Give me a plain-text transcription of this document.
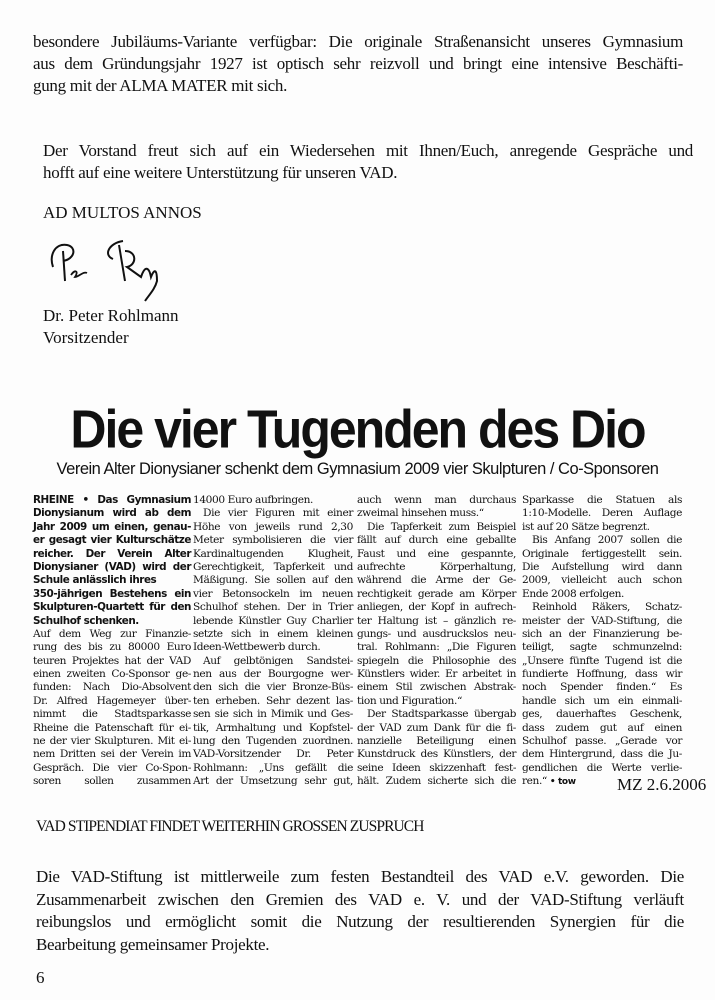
besondere Jubiläums-Variante verfügbar: Die originale Straßenansicht unseres Gymnasium
aus dem Gründungsjahr 1927 ist optisch sehr reizvoll und bringt eine intensive Beschäfti-
gung mit der ALMA MATER mit sich.
Der Vorstand freut sich auf ein Wiedersehen mit Ihnen/Euch, anregende Gespräche und
hofft auf eine weitere Unterstützung für unseren VAD.
AD MULTOS ANNOS
Dr. Peter Rohlmann
Vorsitzender
Die vier Tugenden des Dio
Verein Alter Dionysianer schenkt dem Gymnasium 2009 vier Skulpturen / Co-Sponsoren
RHEINE • Das Gymnasium
Dionysianum wird ab dem
Jahr 2009 um einen, genau-
er gesagt vier Kulturschätze
reicher. Der Verein Alter
Dionysianer (VAD) wird der
Schule anlässlich ihres
350-jährigen Bestehens ein
Skulpturen-Quartett für den
Schulhof schenken.
Auf dem Weg zur Finanzie-
rung des bis zu 80000 Euro
teuren Projektes hat der VAD
einen zweiten Co-Sponsor ge-
funden: Nach Dio-Absolvent
Dr. Alfred Hagemeyer über-
nimmt die Stadtsparkasse
Rheine die Patenschaft für ei-
ne der vier Skulpturen. Mit ei-
nem Dritten sei der Verein im
Gespräch. Die vier Co-Spon-
soren sollen zusammen
14000 Euro aufbringen.
Die vier Figuren mit einer
Höhe von jeweils rund 2,30
Meter symbolisieren die vier
Kardinaltugenden Klugheit,
Gerechtigkeit, Tapferkeit und
Mäßigung. Sie sollen auf den
vier Betonsockeln im neuen
Schulhof stehen. Der in Trier
lebende Künstler Guy Charlier
setzte sich in einem kleinen
Ideen-Wettbewerb durch.
Auf gelbtönigen Sandstei-
nen aus der Bourgogne wer-
den sich die vier Bronze-Büs-
ten erheben. Sehr dezent las-
sen sie sich in Mimik und Ges-
tik, Armhaltung und Kopfstel-
lung den Tugenden zuordnen.
VAD-Vorsitzender Dr. Peter
Rohlmann: „Uns gefällt die
Art der Umsetzung sehr gut,
auch wenn man durchaus
zweimal hinsehen muss.“
Die Tapferkeit zum Beispiel
fällt auf durch eine geballte
Faust und eine gespannte,
aufrechte Körperhaltung,
während die Arme der Ge-
rechtigkeit gerade am Körper
anliegen, der Kopf in aufrech-
ter Haltung ist – gänzlich re-
gungs- und ausdruckslos neu-
tral. Rohlmann: „Die Figuren
spiegeln die Philosophie des
Künstlers wider. Er arbeitet in
einem Stil zwischen Abstrak-
tion und Figuration.“
Der Stadtsparkasse übergab
der VAD zum Dank für die fi-
nanzielle Beteiligung einen
Kunstdruck des Künstlers, der
seine Ideen skizzenhaft fest-
hält. Zudem sicherte sich die
Sparkasse die Statuen als
1:10-Modelle. Deren Auflage
ist auf 20 Sätze begrenzt.
Bis Anfang 2007 sollen die
Originale fertiggestellt sein.
Die Aufstellung wird dann
2009, vielleicht auch schon
Ende 2008 erfolgen.
Reinhold Räkers, Schatz-
meister der VAD-Stiftung, die
sich an der Finanzierung be-
teiligt, sagte schmunzelnd:
„Unsere fünfte Tugend ist die
fundierte Hoffnung, dass wir
noch Spender finden.“ Es
handle sich um ein einmali-
ges, dauerhaftes Geschenk,
dass zudem gut auf einen
Schulhof passe. „Gerade vor
dem Hintergrund, dass die Ju-
gendlichen die Werte verlie-
ren.“ • tow	MZ 2.6.2006
VAD STIPENDIAT FINDET WEITERHIN GROSSEN ZUSPRUCH
Die VAD-Stiftung ist mittlerweile zum festen Bestandteil des VAD e.V. geworden. Die
Zusammenarbeit zwischen den Gremien des VAD e. V. und der VAD-Stiftung verläuft
reibungslos und ermöglicht somit die Nutzung der resultierenden Synergien für die
Bearbeitung gemeinsamer Projekte.
6
